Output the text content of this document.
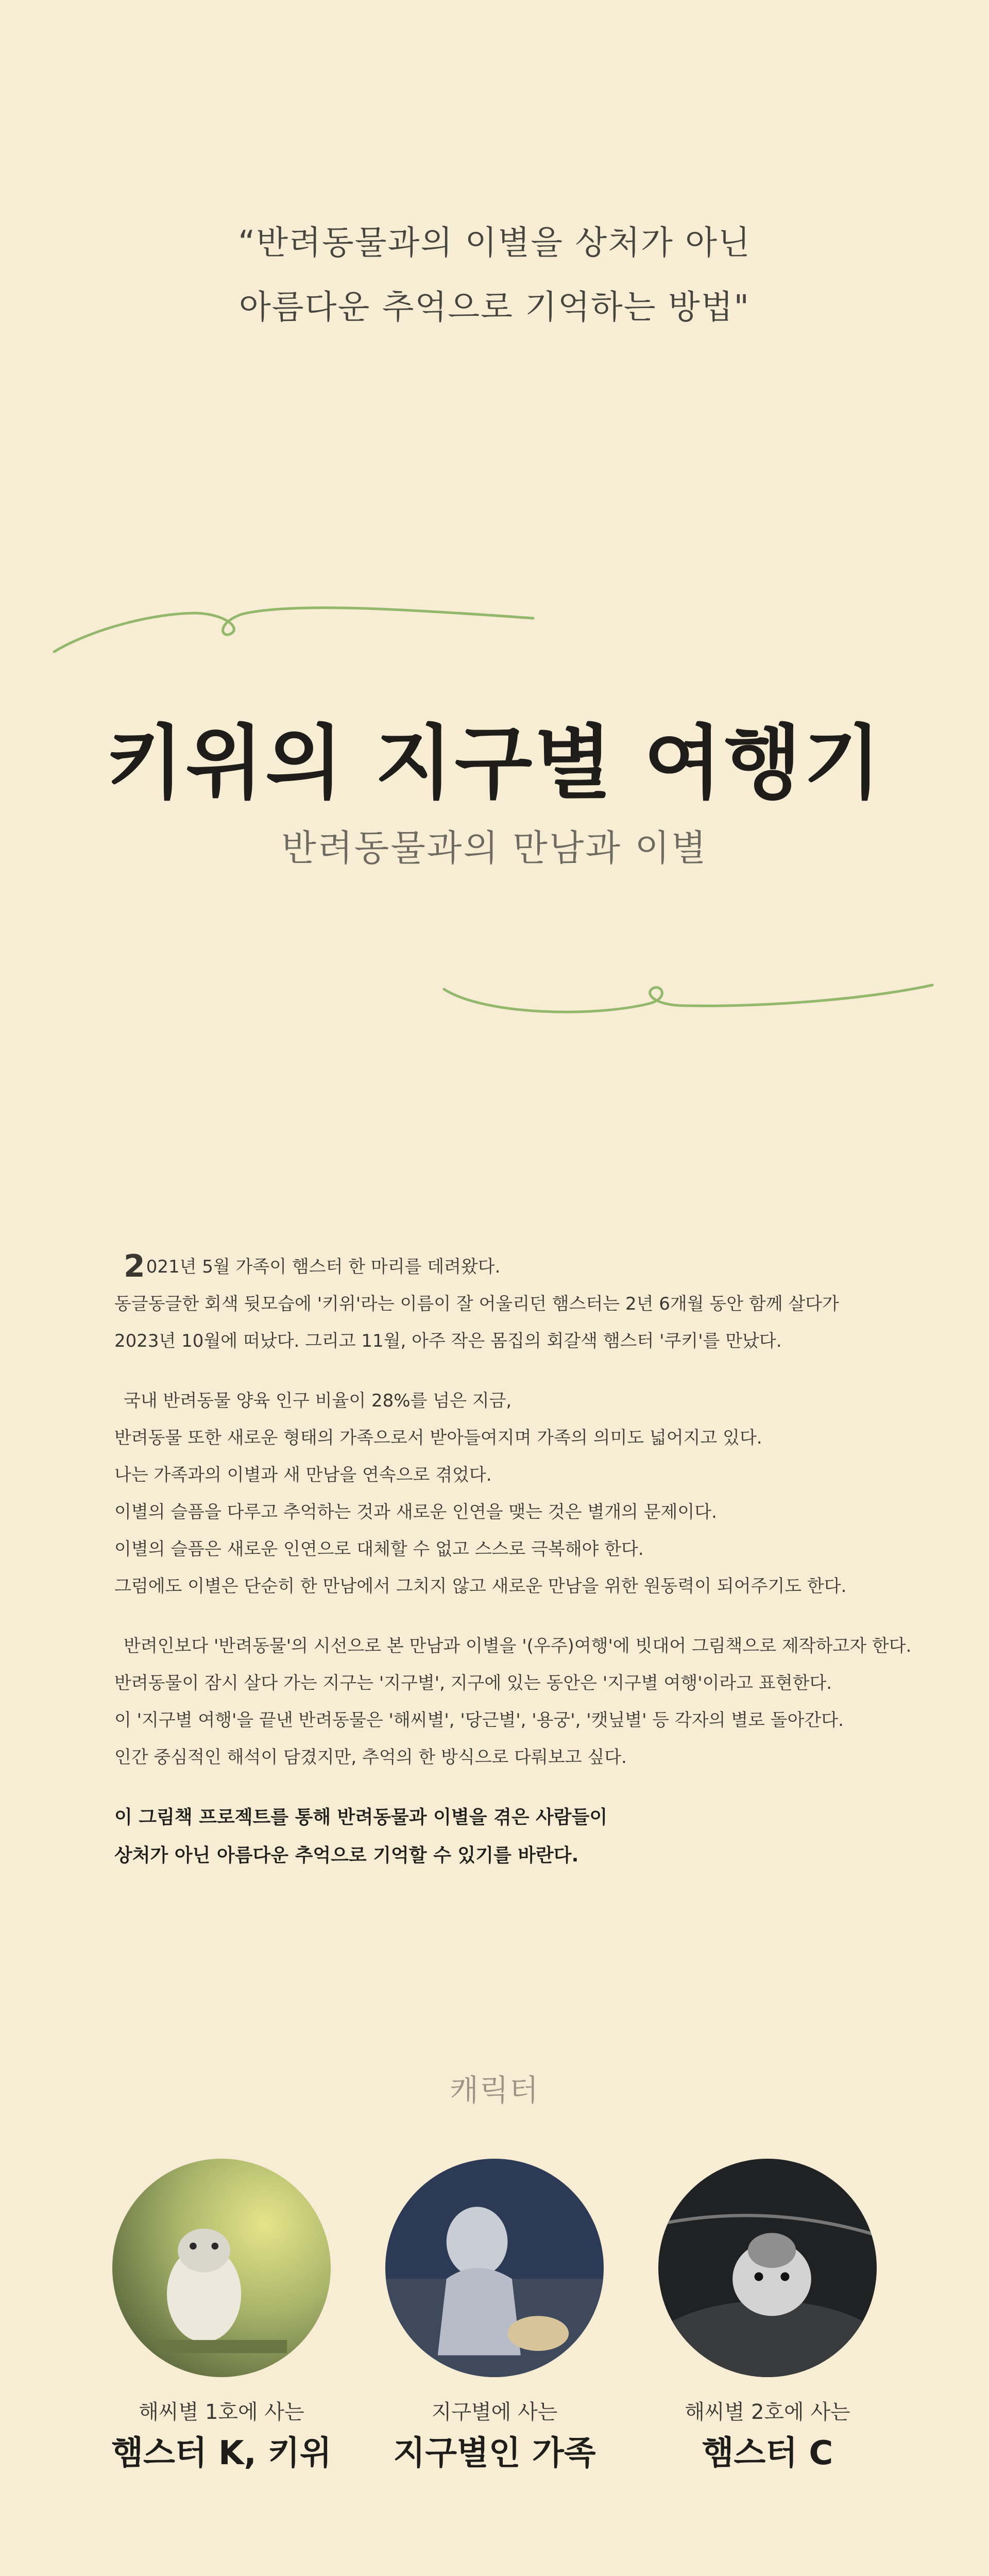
“반려동물과의 이별을 상처가 아닌
아름다운 추억으로 기억하는 방법"
키위의 지구별 여행기
반려동물과의 만남과 이별
2021년 5월 가족이 햄스터 한 마리를 데려왔다.
동글동글한 회색 뒷모습에 '키위'라는 이름이 잘 어울리던 햄스터는 2년 6개월 동안 함께 살다가
2023년 10월에 떠났다. 그리고 11월, 아주 작은 몸집의 회갈색 햄스터 '쿠키'를 만났다.
국내 반려동물 양육 인구 비율이 28%를 넘은 지금,
반려동물 또한 새로운 형태의 가족으로서 받아들여지며 가족의 의미도 넓어지고 있다.
나는 가족과의 이별과 새 만남을 연속으로 겪었다.
이별의 슬픔을 다루고 추억하는 것과 새로운 인연을 맺는 것은 별개의 문제이다.
이별의 슬픔은 새로운 인연으로 대체할 수 없고 스스로 극복해야 한다.
그럼에도 이별은 단순히 한 만남에서 그치지 않고 새로운 만남을 위한 원동력이 되어주기도 한다.
반려인보다 '반려동물'의 시선으로 본 만남과 이별을 '(우주)여행'에 빗대어 그림책으로 제작하고자 한다.
반려동물이 잠시 살다 가는 지구는 '지구별', 지구에 있는 동안은 '지구별 여행'이라고 표현한다.
이 '지구별 여행'을 끝낸 반려동물은 '해씨별', '당근별', '용궁', '캣닢별' 등 각자의 별로 돌아간다.
인간 중심적인 해석이 담겼지만, 추억의 한 방식으로 다뤄보고 싶다.
이 그림책 프로젝트를 통해 반려동물과 이별을 겪은 사람들이
상처가 아닌 아름다운 추억으로 기억할 수 있기를 바란다.
캐릭터
해씨별 1호에 사는
햄스터 K, 키위
지구별에 사는
지구별인 가족
해씨별 2호에 사는
햄스터 C
